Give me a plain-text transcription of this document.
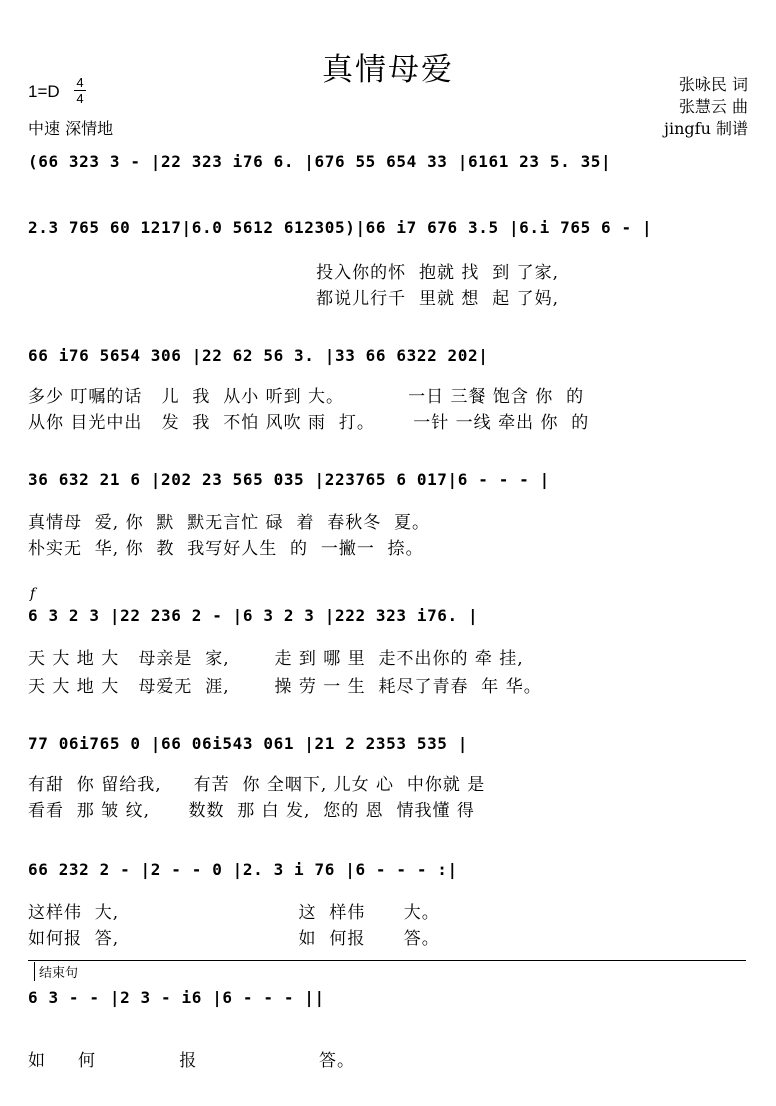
真情母爱
1=D 4
4
中速 深情地
张咏民 词
张慧云 曲
jingfu 制谱
(66 323 3 - |22 323 i76 6. |676 55 654 33 |6161 23 5. 35|
2.3 765 60 1217|6.0 5612 612305)|66 i7 676 3.5 |6.i 765 6 - |
投入你的怀  抱就 找  到 了家,
都说儿行千  里就 想  起 了妈,
66 i76 5654 306 |22 62 56 3. |33 66 6322 202|
多少 叮嘱的话   儿  我  从小 听到 大。          一日 三餐 饱含 你  的
从你 目光中出   发  我  不怕 风吹 雨  打。      一针 一线 牵出 你  的
36 632 21 6 |202 23 565 035 |223765 6 017|6 - - - |
真情母  爱, 你  默  默无言忙 碌  着  春秋冬  夏。
朴实无  华, 你  教  我写好人生  的  一撇一  捺。
f
6 3 2 3 |22 236 2 - |6 3 2 3 |222 323 i76. |
天 大 地 大   母亲是  家,       走 到 哪 里  走不出你的 牵 挂,
天 大 地 大   母爱无  涯,       操 劳 一 生  耗尽了青春  年 华。
77 06i765 0 |66 06i543 061 |21 2 2353 535 |
有甜  你 留给我,     有苦  你 全咽下, 儿女 心  中你就 是
看看  那 皱 纹,      数数  那 白 发,  您的 恩  情我懂 得
66 232 2 - |2 - - 0 |2. 3 i 76 |6 - - - :|
这样伟  大,                            这  样伟      大。
如何报  答,                            如  何报      答。
结束句
6 3 - - |2 3 - i6 |6 - - - ||
如     何             报                   答。
